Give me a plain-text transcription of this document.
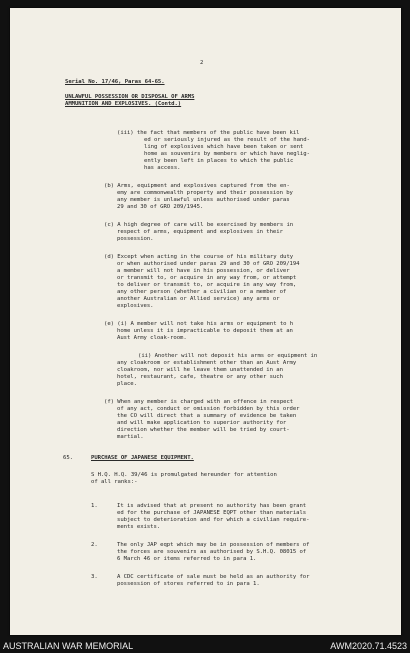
2
Serial No. 17/46, Paras 64-65.
UNLAWFUL POSSESSION OR DISPOSAL OF ARMS
AMMUNITION AND EXPLOSIVES. (Contd.)
(iii) the fact that members of the public have been kil
ed or seriously injured as the result of the hand-
ling of explosives which have been taken or sent
home as souvenirs by members or which have neglig-
ently been left in places to which the public
has access.
(b) Arms, equipment and explosives captured from the en-
emy are commonwealth property and their possession by
any member is unlawful unless authorised under paras
29 and 30 of GRO 209/1945.
(c) A high degree of care will be exercised by members in
respect of arms, equipment and explosives in their
possession.
(d) Except when acting in the course of his military duty
or when authorised under paras 29 and 30 of GRO 209/194
a member will not have in his possession, or deliver
or transmit to, or acquire in any way from, or attempt
to deliver or transmit to, or acquire in any way from,
any other person (whether a civilian or a member of
another Australian or Allied service) any arms or
explosives.
(e) (i) A member will not take his arms or equipment to h
home unless it is impracticable to deposit them at an
Aust Army cloak-room.
(ii) Another will not deposit his arms or equipment in
any cloakroom or establishment other than an Aust Army
cloakroom, nor will he leave them unattended in an
hotel, restaurant, cafe, theatre or any other such
place.
(f) When any member is charged with an offence in respect
of any act, conduct or omission forbidden by this order
the CO will direct that a summary of evidence be taken
and will make application to superior authority for
direction whether the member will be tried by court-
martial.
65.	PURCHASE OF JAPANESE EQUIPMENT.
S H.Q. H.Q. 39/46 is promulgated hereunder for attention
of all ranks:-
1.	It is advised that at present no authority has been grant
ed for the purchase of JAPANESE EQPT other than materials
subject to deterioration and for which a civilian require-
ments exists.
2.	The only JAP eqpt which may be in possession of members of
the forces are souvenirs as authorised by S.H.Q. 08015 of
6 March 46 or items referred to in para 1.
3.	A CDC certificate of sale must be held as an authority for
possession of stores referred to in para 1.
AUSTRALIAN WAR MEMORIAL	AWM2020.71.4523
